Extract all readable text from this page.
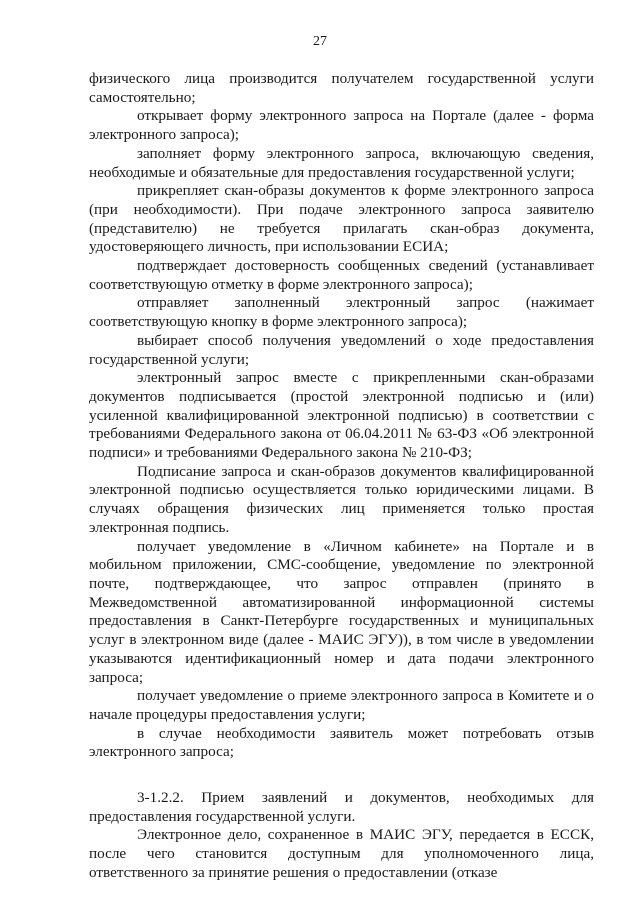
27

физического лица производится получателем государственной услуги самостоятельно;

открывает форму электронного запроса на Портале (далее - форма электронного запроса);

заполняет форму электронного запроса, включающую сведения, необходимые и обязательные для предоставления государственной услуги;

прикрепляет скан-образы документов к форме электронного запроса (при необходимости). При подаче электронного запроса заявителю (представителю) не требуется прилагать скан-образ документа, удостоверяющего личность, при использовании ЕСИА;

подтверждает достоверность сообщенных сведений (устанавливает соответствующую отметку в форме электронного запроса);

отправляет заполненный электронный запрос (нажимает соответствующую кнопку в форме электронного запроса);

выбирает способ получения уведомлений о ходе предоставления государственной услуги;

электронный запрос вместе с прикрепленными скан-образами документов подписывается (простой электронной подписью и (или) усиленной квалифицированной электронной подписью) в соответствии с требованиями Федерального закона от 06.04.2011 № 63-ФЗ «Об электронной подписи» и требованиями Федерального закона № 210-ФЗ;

Подписание запроса и скан-образов документов квалифицированной электронной подписью осуществляется только юридическими лицами. В случаях обращения физических лиц применяется только простая электронная подпись.

получает уведомление в «Личном кабинете» на Портале и в мобильном приложении, СМС-сообщение, уведомление по электронной почте, подтверждающее, что запрос отправлен (принято в Межведомственной автоматизированной информационной системы предоставления в Санкт-Петербурге государственных и муниципальных услуг в электронном виде (далее - МАИС ЭГУ)), в том числе в уведомлении указываются идентификационный номер и дата подачи электронного запроса;

получает уведомление о приеме электронного запроса в Комитете и о начале процедуры предоставления услуги;

в случае необходимости заявитель может потребовать отзыв электронного запроса;

3-1.2.2. Прием заявлений и документов, необходимых для предоставления государственной услуги.

Электронное дело, сохраненное в МАИС ЭГУ, передается в ЕССК, после чего становится доступным для уполномоченного лица, ответственного за принятие решения о предоставлении (отказе
